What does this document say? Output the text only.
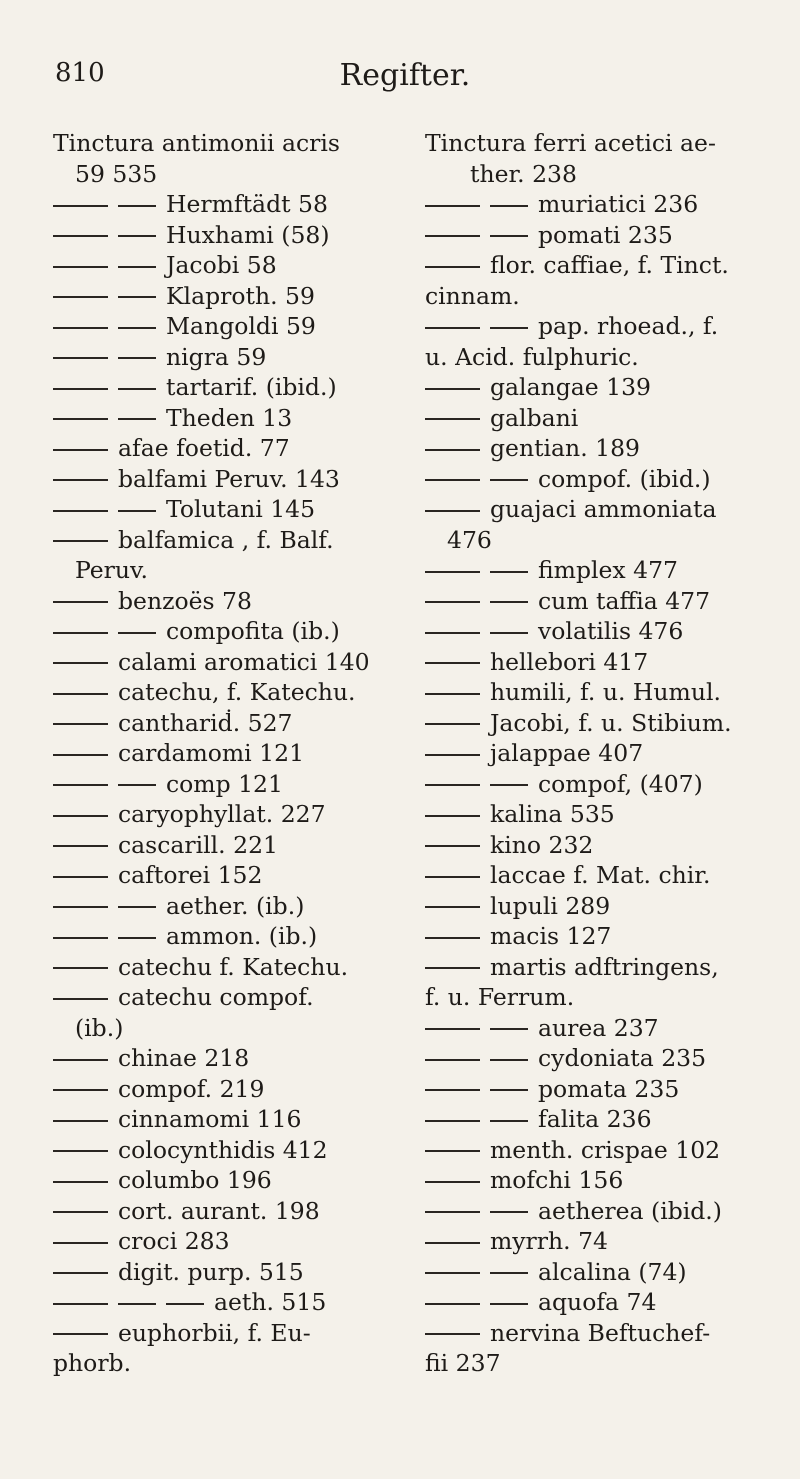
810	Regifter.
Tinctura antimonii acris
59 535
Hermftädt 58
Huxhami (58)
Jacobi 58
Klaproth. 59
Mangoldi 59
nigra 59
tartarif. (ibid.)
Theden 13
afae foetid. 77
balfami Peruv. 143
Tolutani 145
balfamica , f. Balf.
Peruv.
benzoës 78
compofita (ib.)
calami aromatici 140
catechu, f. Katechu.
canthariḋ. 527
cardamomi 121
comp 121
caryophyllat. 227
cascarill. 221
caftorei 152
aether. (ib.)
ammon. (ib.)
catechu f. Katechu.
catechu compof.
(ib.)
chinae 218
compof. 219
cinnamomi 116
colocynthidis 412
columbo 196
cort. aurant. 198
croci 283
digit. purp. 515
aeth. 515
euphorbii, f. Eu-
phorb.
Tinctura ferri acetici ae-
ther. 238
muriatici 236
pomati 235
flor. caffiae, f. Tinct.
cinnam.
pap. rhoead., f.
u. Acid. fulphuric.
galangae 139
galbani
gentian. 189
compof. (ibid.)
guajaci ammoniata
476
fimplex 477
cum taffia 477
volatilis 476
hellebori 417
humili, f. u. Humul.
Jacobi, f. u. Stibium.
jalappae 407
compof, (407)
kalina 535
kino 232
laccae f. Mat. chir.
lupuli 289
macis 127
martis adftringens,
f. u. Ferrum.
aurea 237
cydoniata 235
pomata 235
falita 236
menth. crispae 102
mofchi 156
aetherea (ibid.)
myrrh. 74
alcalina (74)
aquofa 74
nervina Beftuchef-
fii 237
